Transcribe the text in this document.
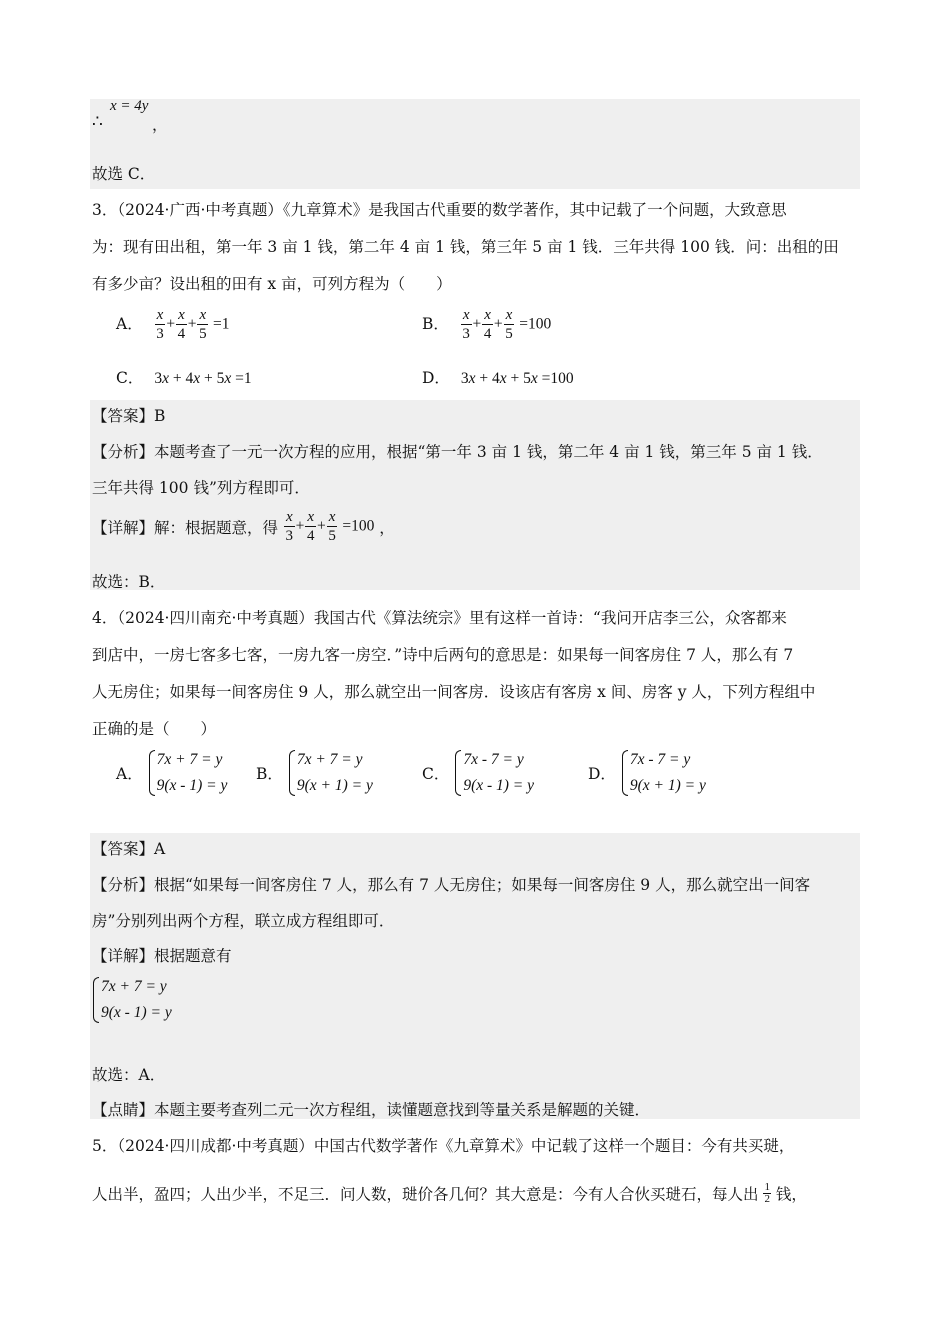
∴
x = 4y
，
故选 C．
3．（2024·广西·中考真题）《九章算术》是我国古代重要的数学著作，其中记载了一个问题，大致意思
为：现有田出租，第一年 3 亩 1 钱，第二年 4 亩 1 钱，第三年 5 亩 1 钱．三年共得 100 钱．问：出租的田
有多少亩？设出租的田有 x 亩，可列方程为（　　）
A． $\frac{x}{3} + \frac{x}{4} + \frac{x}{5} =1$	B． $\frac{x}{3} + \frac{x}{4} + \frac{x}{5} =100$
C． 3x + 4x + 5x =1	D． 3x + 4x + 5x =100
【答案】B
【分析】本题考查了一元一次方程的应用，根据“第一年 3 亩 1 钱，第二年 4 亩 1 钱，第三年 5 亩 1 钱．
三年共得 100 钱”列方程即可．
【详解】解：根据题意，得 $\frac{x}{3} + \frac{x}{4} + \frac{x}{5} =100$ ，
故选：B．
4．（2024·四川南充·中考真题）我国古代《算法统宗》里有这样一首诗：“我问开店李三公，众客都来
到店中，一房七客多七客，一房九客一房空．”诗中后两句的意思是：如果每一间客房住 7 人，那么有 7
人无房住；如果每一间客房住 9 人，那么就空出一间客房．设该店有客房 x 间、房客 y 人，下列方程组中
正确的是（　　）
A．
7x + 7 = y
9(x - 1) = y
B．
7x + 7 = y
9(x + 1) = y
C．
7x - 7 = y
9(x - 1) = y
D．
7x - 7 = y
9(x + 1) = y
【答案】A
【分析】根据“如果每一间客房住 7 人，那么有 7 人无房住；如果每一间客房住 9 人，那么就空出一间客
房”分别列出两个方程，联立成方程组即可．
【详解】根据题意有
7x + 7 = y
9(x - 1) = y
故选：A．
【点睛】本题主要考查列二元一次方程组，读懂题意找到等量关系是解题的关键．
5．（2024·四川成都·中考真题）中国古代数学著作《九章算术》中记载了这样一个题目：今有共买琎，
人出半，盈四；人出少半，不足三．问人数，琎价各几何？其大意是：今有人合伙买琎石，每人出 $\frac{1}{2}$ 钱，
